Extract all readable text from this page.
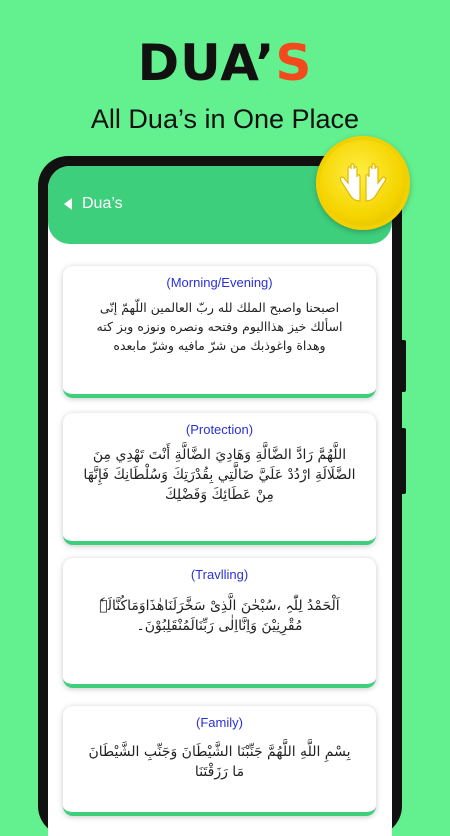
DUA’S
All Dua’s in One Place
Dua’s
(Morning/Evening)
اصبحنا واصبح الملك لله ربّ العالمين اللّهمّ إنّى اسألك خيز هذااليوم وفتحه ونصره ونوزه وبز كته وهداة واغوذبك من شرّ مافيه وشرّ مابعده
(Protection)
اللَّهُمَّ رَادَّ الضَّالَّةِ وَهَادِيَ الضَّالَّةِ أَنْتَ تَهْدِي مِنَ الضَّلَالَةِ ارْدُدْ عَلَيَّ ضَالَّتِي بِقُدْرَتِكَ وَسُلْطَانِكَ فَإِنَّهَا مِنْ عَطَائِكَ وَفَضْلِكَ
(Travlling)
اَلْحَمْدُ لِلّٰہِ ،سُبْحٰنَ الَّذِیْ سَخَّرَلَنَاھٰذَاوَمَاکُنَّالَہٗ مُقْرِنِیْنَ وَاِنَّااِلٰی رَبِّنَالَمُنْقَلِبُوْنَ۔
(Family)
بِسْمِ اللَّهِ اللَّهُمَّ جَنِّبْنَا الشَّيْطَانَ وَجَنِّبِ الشَّيْطَانَ مَا رَزَقْتَنَا
